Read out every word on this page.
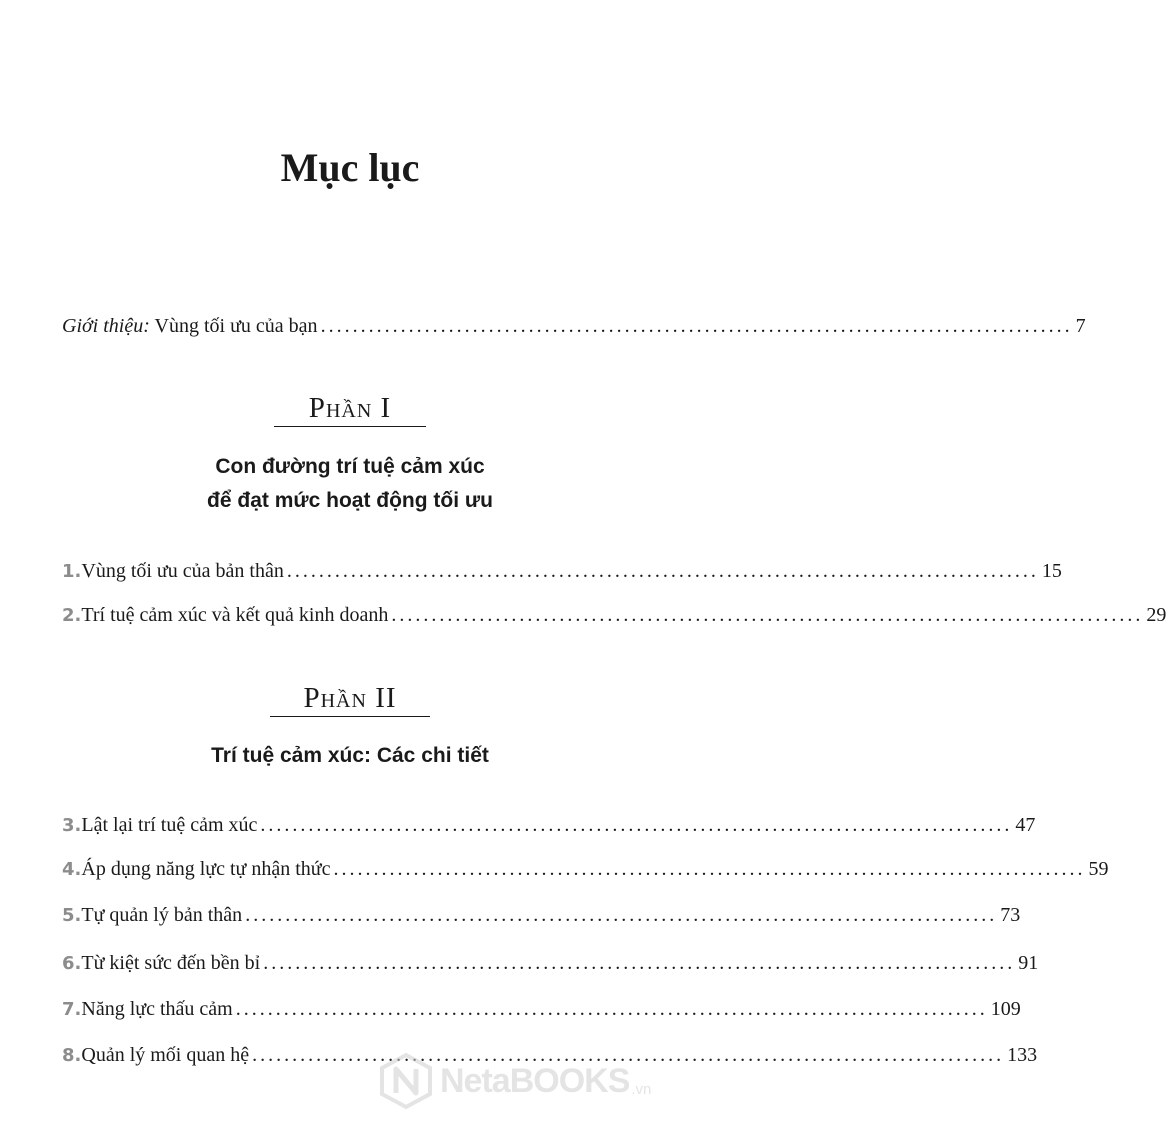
Mục lục
Giới thiệu: Vùng tối ưu của bạn .............................................................................................. 7
Phần I
Con đường trí tuệ cảm xúc
để đạt mức hoạt động tối ưu
1. Vùng tối ưu của bản thân .............................................................................................. 15
2. Trí tuệ cảm xúc và kết quả kinh doanh .............................................................................................. 29
Phần II
Trí tuệ cảm xúc: Các chi tiết
3. Lật lại trí tuệ cảm xúc .............................................................................................. 47
4. Áp dụng năng lực tự nhận thức .............................................................................................. 59
5. Tự quản lý bản thân .............................................................................................. 73
6. Từ kiệt sức đến bền bỉ .............................................................................................. 91
7. Năng lực thấu cảm .............................................................................................. 109
8. Quản lý mối quan hệ .............................................................................................. 133
NetaBOOKS .vn
